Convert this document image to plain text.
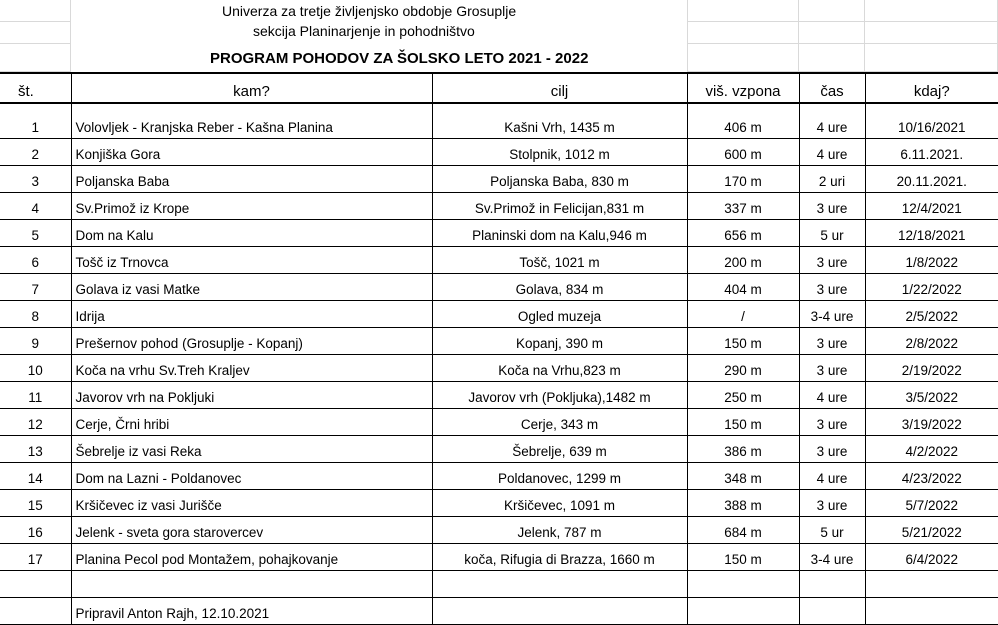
Univerza za tretje življenjsko obdobje Grosuplje
sekcija Planinarjenje in pohodništvo
PROGRAM POHODOV ZA ŠOLSKO LETO 2021 - 2022
št.	kam?	cilj	viš. vzpona	čas	kdaj?
1	Volovljek - Kranjska Reber - Kašna Planina	Kašni Vrh, 1435 m	406 m	4 ure	10/16/2021
2	Konjiška Gora	Stolpnik, 1012 m	600 m	4 ure	6.11.2021.
3	Poljanska Baba	Poljanska Baba, 830 m	170 m	2 uri	20.11.2021.
4	Sv.Primož iz Krope	Sv.Primož in Felicijan,831 m	337 m	3 ure	12/4/2021
5	Dom na Kalu	Planinski dom na Kalu,946 m	656 m	5 ur	12/18/2021
6	Tošč iz Trnovca	Tošč, 1021 m	200 m	3 ure	1/8/2022
7	Golava iz vasi Matke	Golava, 834 m	404 m	3 ure	1/22/2022
8	Idrija	Ogled muzeja	/	3-4 ure	2/5/2022
9	Prešernov pohod (Grosuplje - Kopanj)	Kopanj, 390 m	150 m	3 ure	2/8/2022
10	Koča na vrhu Sv.Treh Kraljev	Koča na Vrhu,823 m	290 m	3 ure	2/19/2022
11	Javorov vrh na Pokljuki	Javorov vrh (Pokljuka),1482 m	250 m	4 ure	3/5/2022
12	Cerje, Črni hribi	Cerje, 343 m	150 m	3 ure	3/19/2022
13	Šebrelje iz vasi Reka	Šebrelje, 639 m	386 m	3 ure	4/2/2022
14	Dom na Lazni - Poldanovec	Poldanovec, 1299 m	348 m	4 ure	4/23/2022
15	Kršičevec iz vasi Jurišče	Kršičevec, 1091 m	388 m	3 ure	5/7/2022
16	Jelenk - sveta gora starovercev	Jelenk, 787 m	684 m	5 ur	5/21/2022
17	Planina Pecol pod Montažem, pohajkovanje	koča, Rifugia di Brazza, 1660 m	150 m	3-4 ure	6/4/2022

	Pripravil Anton Rajh, 12.10.2021				
